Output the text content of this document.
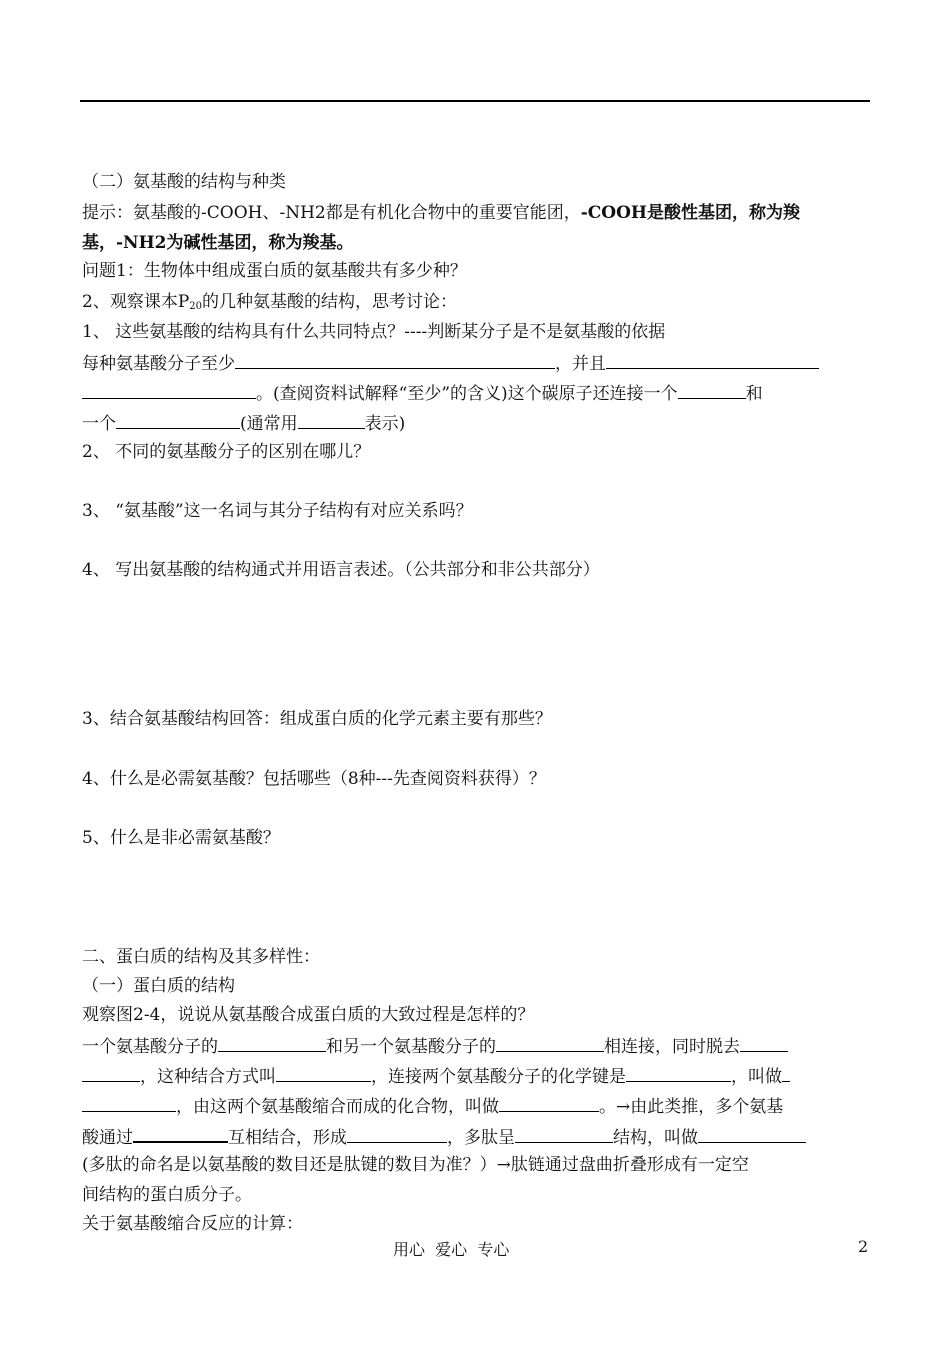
（二）氨基酸的结构与种类
提示：氨基酸的-COOH、-NH2都是有机化合物中的重要官能团，-COOH是酸性基团，称为羧
基，-NH2为碱性基团，称为羧基。
问题1：生物体中组成蛋白质的氨基酸共有多少种？
2、观察课本$P_{20}$的几种氨基酸的结构，思考讨论：
1、 这些氨基酸的结构具有什么共同特点？----判断某分子是不是氨基酸的依据
每种氨基酸分子至少	，并且
。(查阅资料试解释“至少”的含义)这个碳原子还连接一个	和
一个	(通常用	表示)
2、 不同的氨基酸分子的区别在哪儿？
3、 “氨基酸”这一名词与其分子结构有对应关系吗？
4、 写出氨基酸的结构通式并用语言表述。（公共部分和非公共部分）
3、结合氨基酸结构回答：组成蛋白质的化学元素主要有那些？
4、什么是必需氨基酸？包括哪些（8种---先查阅资料获得）？
5、什么是非必需氨基酸？
二、蛋白质的结构及其多样性：
（一）蛋白质的结构
观察图2-4，说说从氨基酸合成蛋白质的大致过程是怎样的？
一个氨基酸分子的	和另一个氨基酸分子的	相连接，同时脱去
，这种结合方式叫	，连接两个氨基酸分子的化学键是	，叫做
，由这两个氨基酸缩合而成的化合物，叫做	。→由此类推，多个氨基
酸通过	互相结合，形成	，多肽呈	结构，叫做
(多肽的命名是以氨基酸的数目还是肽键的数目为准？）→肽链通过盘曲折叠形成有一定空
间结构的蛋白质分子。
关于氨基酸缩合反应的计算：
用心  爱心  专心	2
